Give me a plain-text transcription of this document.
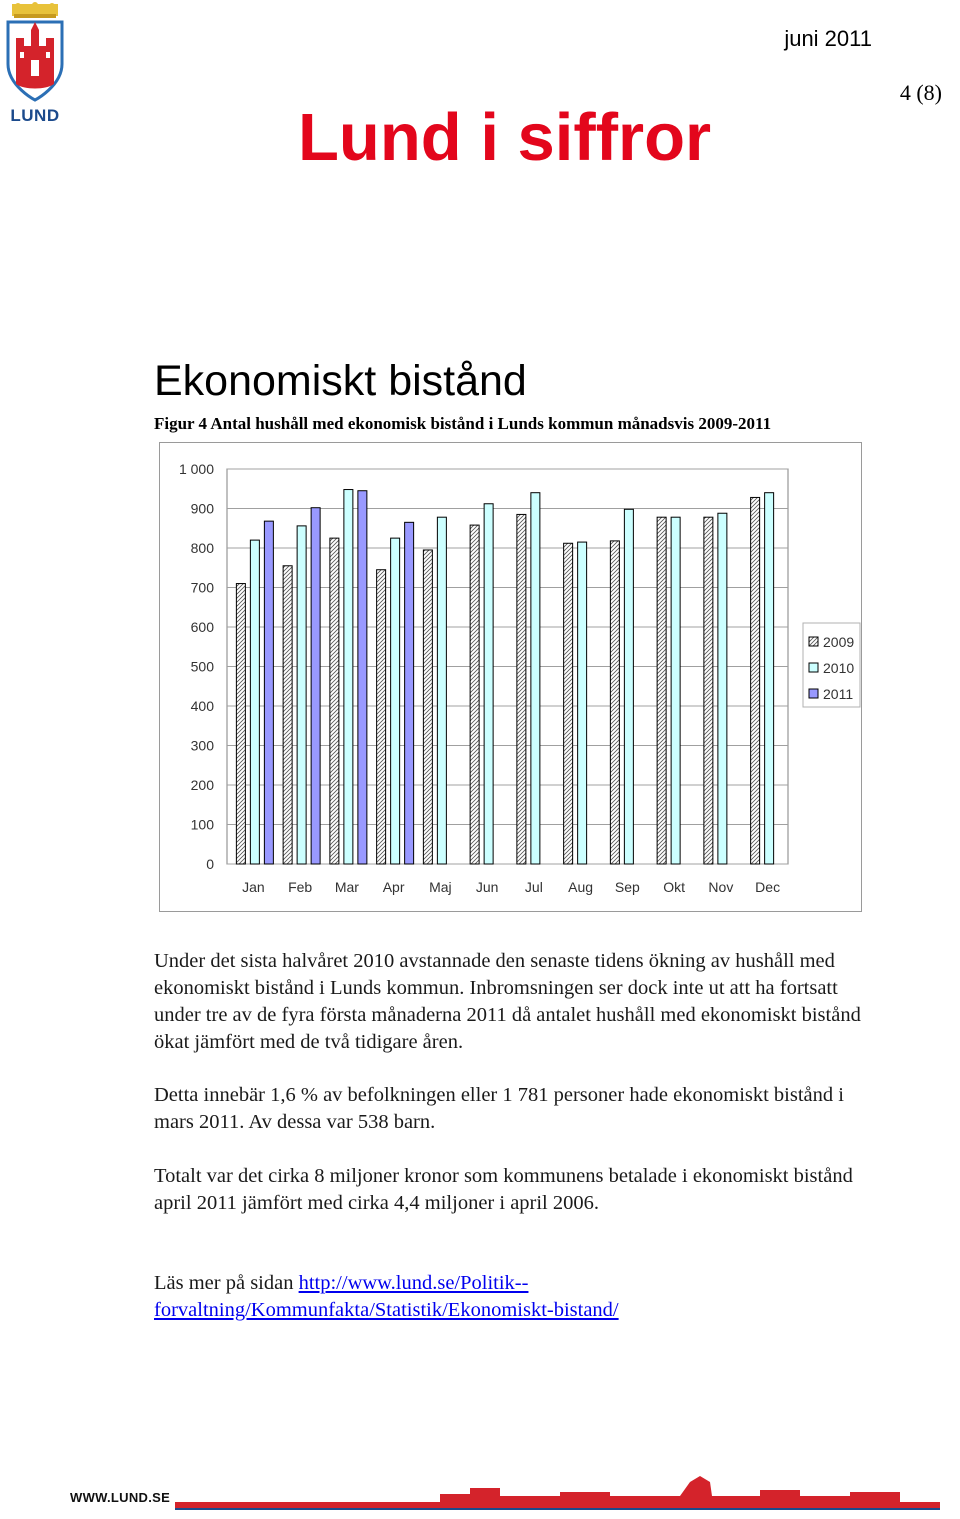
LUND
juni 2011
4 (8)
Lund i siffror
Ekonomiskt bistånd
Figur 4 Antal hushåll med ekonomisk bistånd i Lunds kommun månadsvis 2009-2011
0
100
200
300
400
500
600
700
800
900
1 000
Jan Feb Mar Apr Maj Jun Jul Aug Sep Okt Nov Dec
2009
2010
2011

Under det sista halvåret 2010 avstannade den senaste tidens ökning av hushåll med ekonomiskt bistånd i Lunds kommun. Inbromsningen ser dock inte ut att ha fortsatt under tre av de fyra första månaderna 2011 då antalet hushåll med ekonomiskt bistånd ökat jämfört med de två tidigare åren.

Detta innebär 1,6 % av befolkningen eller 1 781 personer hade ekonomiskt bistånd i mars 2011. Av dessa var 538 barn.

Totalt var det cirka 8 miljoner kronor som kommunens betalade i ekonomiskt bistånd april 2011 jämfört med cirka 4,4 miljoner i april 2006.

Läs mer på sidan http://www.lund.se/Politik--forvaltning/Kommunfakta/Statistik/Ekonomiskt-bistand/

WWW.LUND.SE
